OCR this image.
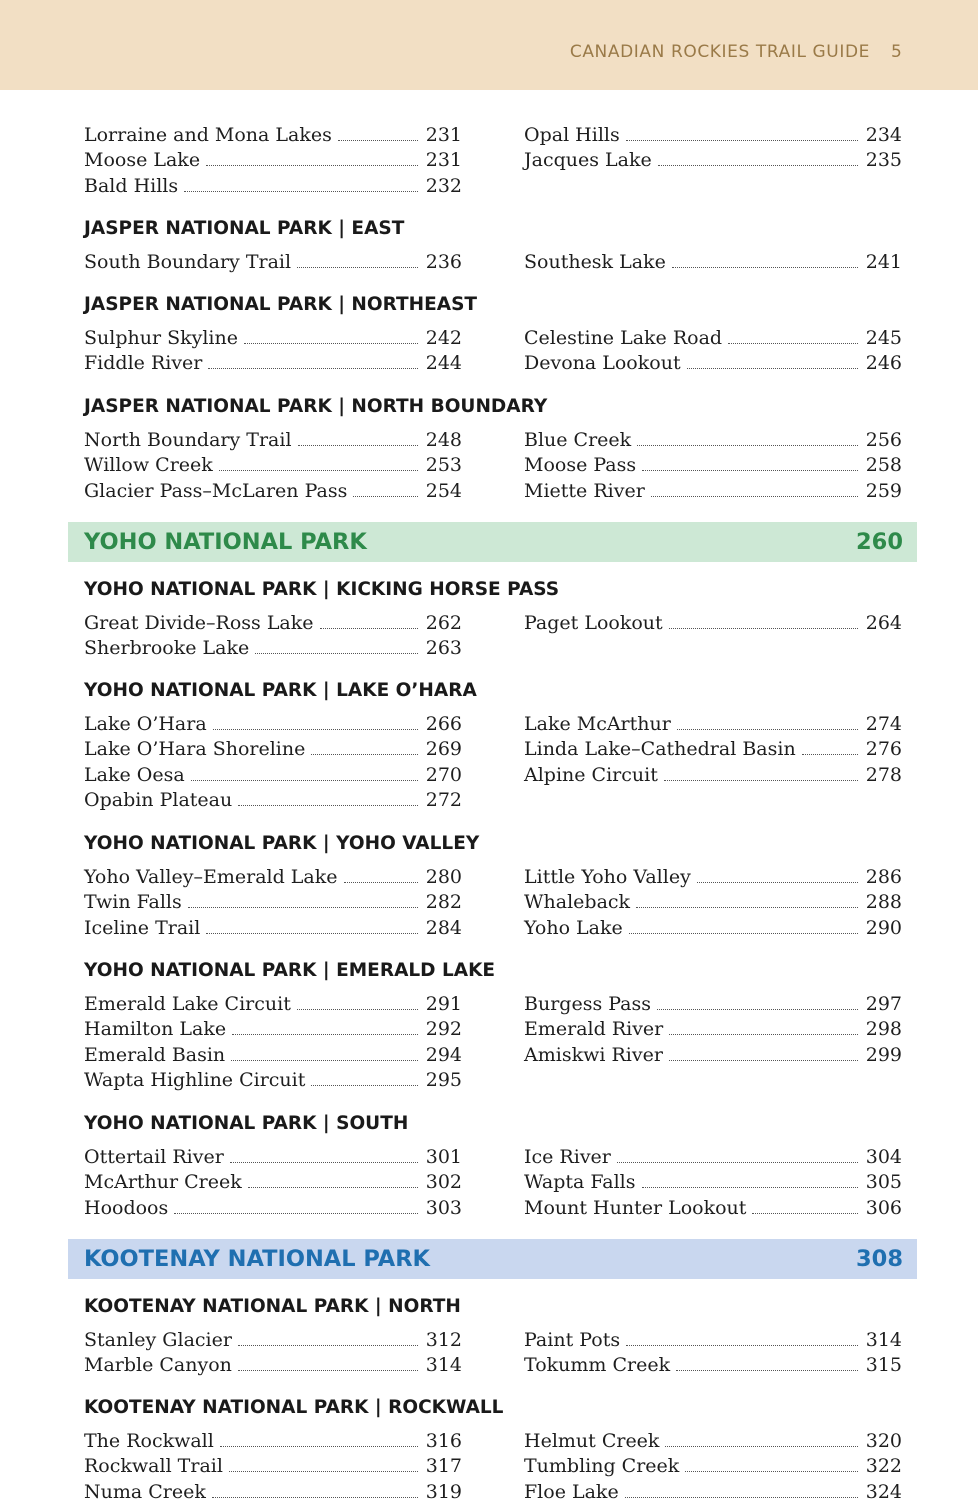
CANADIAN ROCKIES TRAIL GUIDE 5
Lorraine and Mona Lakes	231
Moose Lake	231
Bald Hills	232
Opal Hills	234
Jacques Lake	235
JASPER NATIONAL PARK | EAST
South Boundary Trail	236	Southesk Lake	241
JASPER NATIONAL PARK | NORTHEAST
Sulphur Skyline	242
Fiddle River	244
Celestine Lake Road	245
Devona Lookout	246
JASPER NATIONAL PARK | NORTH BOUNDARY
North Boundary Trail	248
Willow Creek	253
Glacier Pass–McLaren Pass	254
Blue Creek	256
Moose Pass	258
Miette River	259
YOHO NATIONAL PARK	260
YOHO NATIONAL PARK | KICKING HORSE PASS
Great Divide–Ross Lake	262
Sherbrooke Lake	263
Paget Lookout	264
YOHO NATIONAL PARK | LAKE O’HARA
Lake O’Hara	266
Lake O’Hara Shoreline	269
Lake Oesa	270
Opabin Plateau	272
Lake McArthur	274
Linda Lake–Cathedral Basin	276
Alpine Circuit	278
YOHO NATIONAL PARK | YOHO VALLEY
Yoho Valley–Emerald Lake	280
Twin Falls	282
Iceline Trail	284
Little Yoho Valley	286
Whaleback	288
Yoho Lake	290
YOHO NATIONAL PARK | EMERALD LAKE
Emerald Lake Circuit	291
Hamilton Lake	292
Emerald Basin	294
Wapta Highline Circuit	295
Burgess Pass	297
Emerald River	298
Amiskwi River	299
YOHO NATIONAL PARK | SOUTH
Ottertail River	301
McArthur Creek	302
Hoodoos	303
Ice River	304
Wapta Falls	305
Mount Hunter Lookout	306
KOOTENAY NATIONAL PARK	308
KOOTENAY NATIONAL PARK | NORTH
Stanley Glacier	312
Marble Canyon	314
Paint Pots	314
Tokumm Creek	315
KOOTENAY NATIONAL PARK | ROCKWALL
The Rockwall	316
Rockwall Trail	317
Numa Creek	319
Helmut Creek	320
Tumbling Creek	322
Floe Lake	324
